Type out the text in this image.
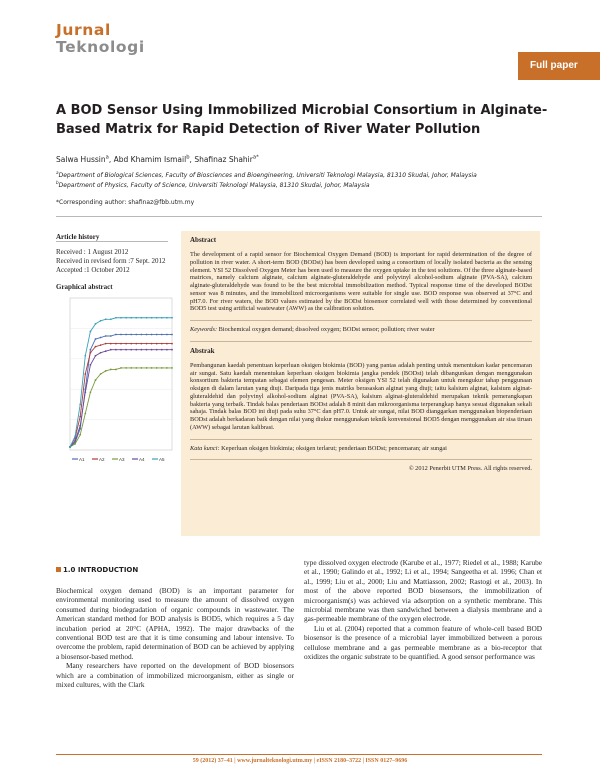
Jurnal
Teknologi
Full paper
A BOD Sensor Using Immobilized Microbial Consortium in Alginate-Based Matrix for Rapid Detection of River Water Pollution
Salwa Hussin$^a$, Abd Khamim Ismail$^b$, Shafinaz Shahir$^{a*}$
$^a$Department of Biological Sciences, Faculty of Biosciences and Bioengineering, Universiti Teknologi Malaysia, 81310 Skudai, Johor, Malaysia
$^b$Department of Physics, Faculty of Science, Universiti Teknologi Malaysia, 81310 Skudai, Johor, Malaysia
*Corresponding author: shafinaz@fbb.utm.my
Article history
Received : 1 August 2012
Received in revised form :7 Sept. 2012
Accepted :1 October 2012
Graphical abstract
A1	A2	A3	A4	A5
Abstract
The development of a rapid sensor for Biochemical Oxygen Demand (BOD) is important for rapid determination of the degree of pollution in river water. A short-term BOD (BODst) has been developed using a consortium of locally isolated bacteria as the sensing element. YSI 52 Dissolved Oxygen Meter has been used to measure the oxygen uptake in the test solutions. Of the three alginate-based matrices, namely calcium alginate, calcium alginate-gluteraldehyde and polyvinyl alcohol-sodium alginate (PVA-SA), calcium alginate-gluteraldehyde was found to be the best microbial immobilization method. Typical response time of the developed BODst sensor was 8 minutes, and the immobilized microorganisms were suitable for single use. BOD response was observed at 37°C and pH7.0. For river waters, the BOD values estimated by the BODst biosensor correlated well with those determined by conventional BOD5 test using artificial wastewater (AWW) as the calibration solution.
Keywords: Biochemical oxygen demand; dissolved oxygen; BODst sensor; pollution; river water
Abstrak
Pembangunan kaedah penentuan keperluan oksigen biokimia (BOD) yang pantas adalah penting untuk menentukan kadar pencemaran air sungai. Satu kaedah menentukan keperluan oksigen biokimia jangka pendek (BODst) telah dibangunkan dengan menggunakan konsortium bakteria tempatan sebagai elemen pengesan. Meter oksigen YSI 52 telah digunakan untuk mengukur tahap penggunaan oksigen di dalam larutan yang diuji. Daripada tiga jenis matriks berasaskan alginat yang diuji; iaitu kalsium alginat, kalsium alginat-gluteraldehid dan polyvinyl alkohol-sodium alginat (PVA-SA), kalsium alginat-gluteraldehid merupakan teknik pemerangkapan bakteria yang terbaik. Tindak balas penderiaan BODst adalah 8 minit dan mikroorganisma terperangkap hanya sesuai digunakan sekali sahaja. Tindak balas BOD ini diuji pada suhu 37°C dan pH7.0. Untuk air sungai, nilai BOD dianggarkan menggunakan biopenderiaan BODst adalah berkadaran baik dengan nilai yang diukur menggunakan teknik konvensional BOD5 dengan menggunakan air sisa tiruan (AWW) sebagai larutan kalibrasi.
Kata kunci: Keperluan oksigen biokimia; oksigen terlarut; penderiaan BODst; pencemaran; air sungai
© 2012 Penerbit UTM Press. All rights reserved.
1.0 INTRODUCTION

Biochemical oxygen demand (BOD) is an important parameter for environmental monitoring used to measure the amount of dissolved oxygen consumed during biodegradation of organic compounds in wastewater. The American standard method for BOD analysis is BOD5, which requires a 5 day incubation period at 20°C (APHA, 1992). The major drawbacks of the conventional BOD test are that it is time consuming and labour intensive. To overcome the problem, rapid determination of BOD can be achieved by applying a biosensor-based method.

Many researchers have reported on the development of BOD biosensors which are a combination of immobilized microorganism, either as single or mixed cultures, with the Clark

type dissolved oxygen electrode (Karube et al., 1977; Riedel et al., 1988; Karube et al., 1990; Galindo et al., 1992; Li et al., 1994; Sangeetha et al. 1996; Chan et al., 1999; Liu et al., 2000; Liu and Mattiasson, 2002; Rastogi et al., 2003). In most of the above reported BOD biosensors, the immobilization of microorganism(s) was achieved via adsorption on a synthetic membrane. This microbial membrane was then sandwiched between a dialysis membrane and a gas-permeable membrane of the oxygen electrode.

Liu et al. (2004) reported that a common feature of whole-cell based BOD biosensor is the presence of a microbial layer immobilized between a porous cellulose membrane and a gas permeable membrane as a bio-receptor that oxidizes the organic substrate to be quantified. A good sensor performance was

59 (2012) 37–41 | www.jurnalteknologi.utm.my | eISSN 2180–3722 | ISSN 0127–9696
